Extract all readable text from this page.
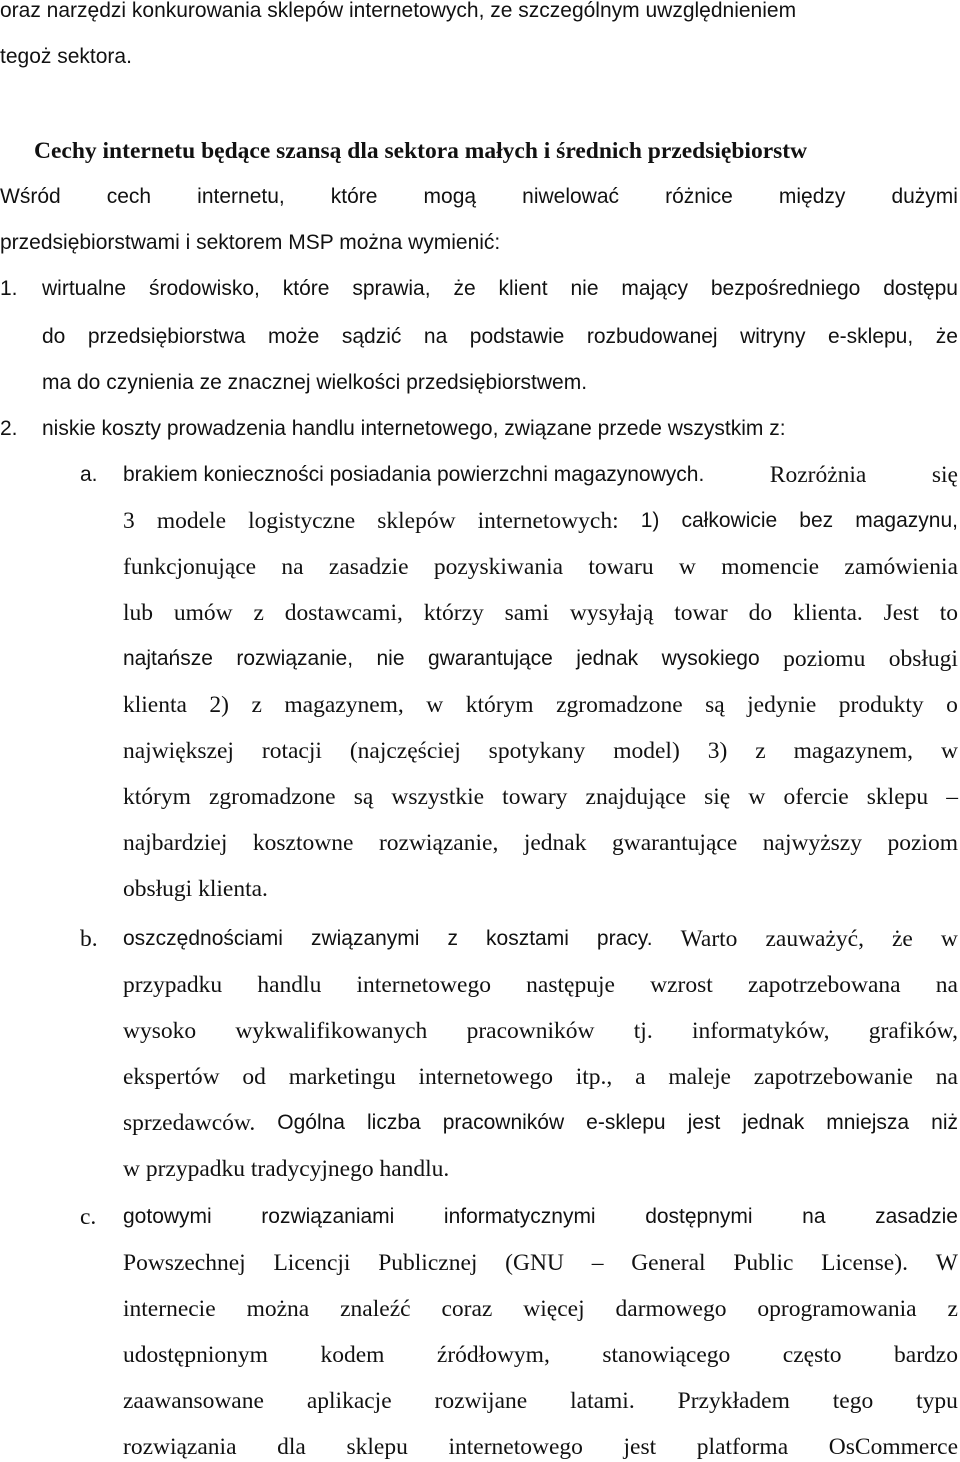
oraz narzędzi konkurowania sklepów internetowych, ze szczególnym uwzględnieniem

tegoż sektora.

Cechy internetu będące szansą dla sektora małych i średnich przedsiębiorstw

Wśród cech internetu, które mogą niwelować różnice między dużymi

przedsiębiorstwami i sektorem MSP można wymienić:

1. wirtualne środowisko, które sprawia, że klient nie mający bezpośredniego dostępu
do przedsiębiorstwa może sądzić na podstawie rozbudowanej witryny e-sklepu, że

ma do czynienia ze znacznej wielkości przedsiębiorstwem.

2. niskie koszty prowadzenia handlu internetowego, związane przede wszystkim z:

a. brakiem konieczności posiadania powierzchni magazynowych.	Rozróżnia	się
3 modele logistyczne sklepów internetowych: 1) całkowicie bez magazynu,
funkcjonujące na zasadzie pozyskiwania towaru w momencie zamówienia
lub umów z dostawcami, którzy sami wysyłają towar do klienta. Jest to
najtańsze rozwiązanie, nie gwarantujące jednak wysokiego poziomu obsługi
klienta 2) z magazynem, w którym zgromadzone są jedynie produkty o
największej rotacji (najczęściej spotykany model) 3) z magazynem, w
którym zgromadzone są wszystkie towary znajdujące się w ofercie sklepu –
najbardziej kosztowne rozwiązanie, jednak gwarantujące najwyższy poziom

obsługi klienta.

b. oszczędnościami związanymi z kosztami pracy. Warto zauważyć, że w
przypadku handlu internetowego następuje wzrost zapotrzebowana na
wysoko wykwalifikowanych pracowników tj. informatyków, grafików,
ekspertów od marketingu internetowego itp., a maleje zapotrzebowanie na
sprzedawców. Ogólna liczba pracowników e-sklepu jest jednak mniejsza niż

w przypadku tradycyjnego handlu.

c. gotowymi rozwiązaniami informatycznymi dostępnymi na zasadzie
Powszechnej Licencji Publicznej (GNU – General Public License). W
internecie można znaleźć coraz więcej darmowego oprogramowania z
udostępnionym kodem źródłowym, stanowiącego często bardzo
zaawansowane aplikacje rozwijane latami. Przykładem tego typu
rozwiązania dla sklepu internetowego jest platforma OsCommerce
